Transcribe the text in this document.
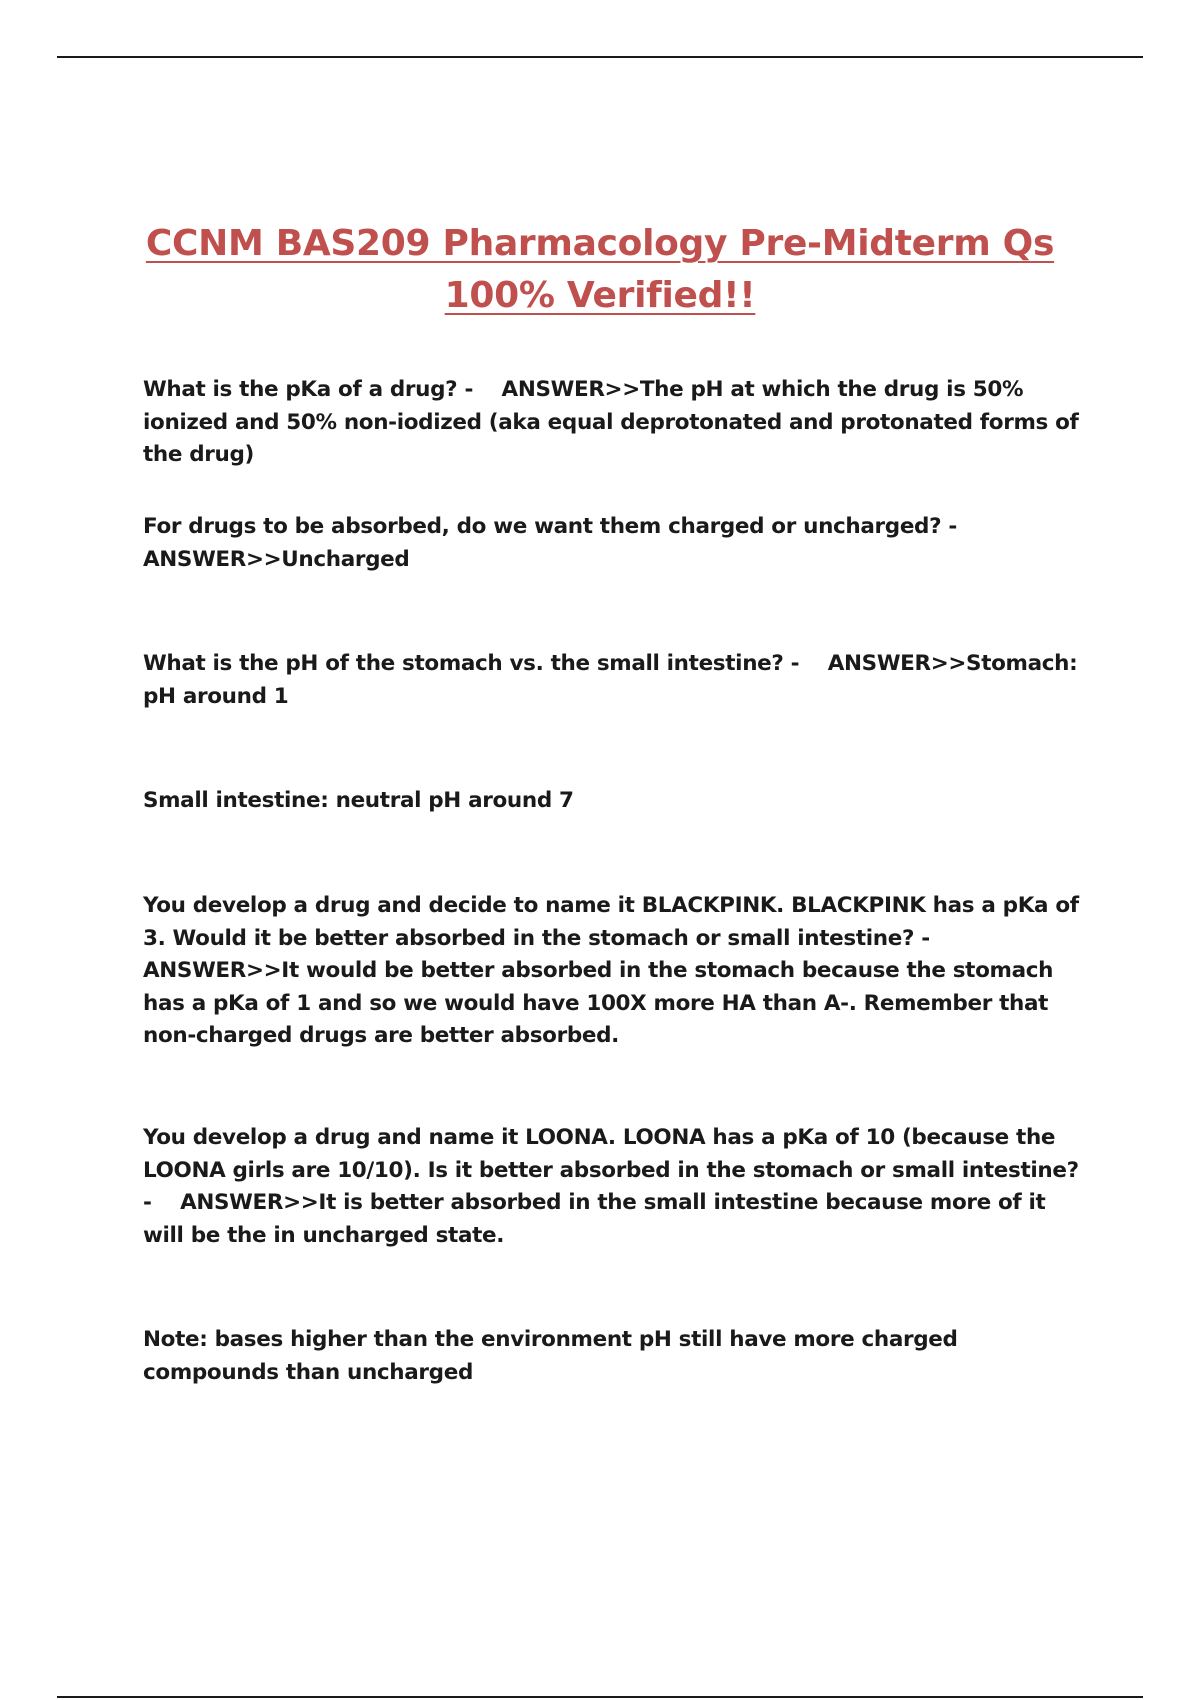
CCNM BAS209 Pharmacology Pre-Midterm Qs
100% Verified!!

What is the pKa of a drug? -    ANSWER>>The pH at which the drug is 50% ionized and 50% non-iodized (aka equal deprotonated and protonated forms of the drug)

For drugs to be absorbed, do we want them charged or uncharged? -    ANSWER>>Uncharged

What is the pH of the stomach vs. the small intestine? -    ANSWER>>Stomach: pH around 1

Small intestine: neutral pH around 7

You develop a drug and decide to name it BLACKPINK. BLACKPINK has a pKa of 3. Would it be better absorbed in the stomach or small intestine? -    ANSWER>>It would be better absorbed in the stomach because the stomach has a pKa of 1 and so we would have 100X more HA than A-. Remember that non-charged drugs are better absorbed.

You develop a drug and name it LOONA. LOONA has a pKa of 10 (because the LOONA girls are 10/10). Is it better absorbed in the stomach or small intestine? -    ANSWER>>It is better absorbed in the small intestine because more of it will be the in uncharged state.

Note: bases higher than the environment pH still have more charged compounds than uncharged
